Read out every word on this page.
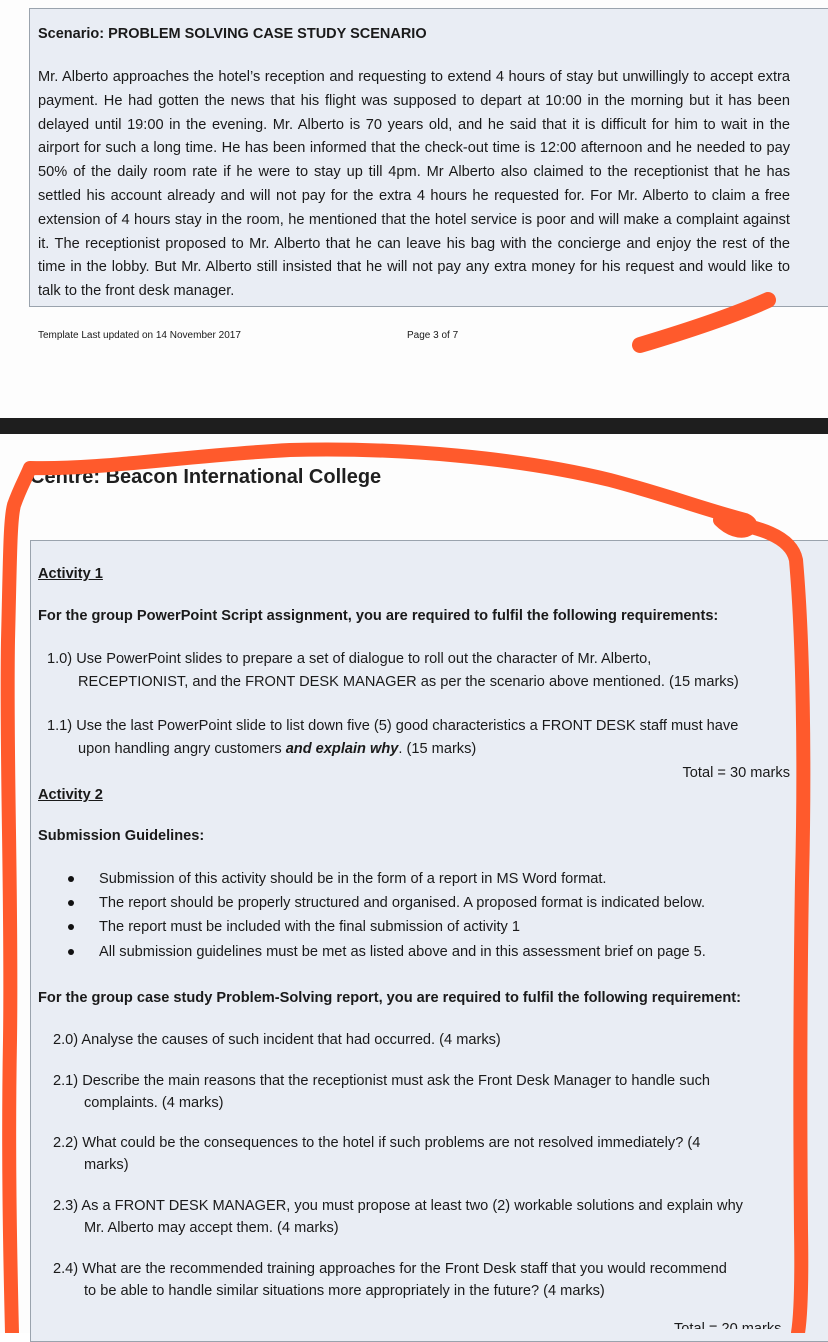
Scenario: PROBLEM SOLVING CASE STUDY SCENARIO
Mr. Alberto approaches the hotel’s reception and requesting to extend 4 hours of stay but unwillingly to accept extra payment. He had gotten the news that his flight was supposed to depart at 10:00 in the morning but it has been delayed until 19:00 in the evening. Mr. Alberto is 70 years old, and he said that it is difficult for him to wait in the airport for such a long time. He has been informed that the check-out time is 12:00 afternoon and he needed to pay 50% of the daily room rate if he were to stay up till 4pm. Mr Alberto also claimed to the receptionist that he has settled his account already and will not pay for the extra 4 hours he requested for. For Mr. Alberto to claim a free extension of 4 hours stay in the room, he mentioned that the hotel service is poor and will make a complaint against it. The receptionist proposed to Mr. Alberto that he can leave his bag with the concierge and enjoy the rest of the time in the lobby. But Mr. Alberto still insisted that he will not pay any extra money for his request and would like to talk to the front desk manager.
Template Last updated on 14 November 2017	Page 3 of 7
Centre: Beacon International College
Activity 1
For the group PowerPoint Script assignment, you are required to fulfil the following requirements:
1.0) Use PowerPoint slides to prepare a set of dialogue to roll out the character of Mr. Alberto,
RECEPTIONIST, and the FRONT DESK MANAGER as per the scenario above mentioned. (15 marks)
1.1) Use the last PowerPoint slide to list down five (5) good characteristics a FRONT DESK staff must have
upon handling angry customers and explain why. (15 marks)
Total = 30 marks
Activity 2
Submission Guidelines:
Submission of this activity should be in the form of a report in MS Word format.
The report should be properly structured and organised. A proposed format is indicated below.
The report must be included with the final submission of activity 1
All submission guidelines must be met as listed above and in this assessment brief on page 5.
For the group case study Problem-Solving report, you are required to fulfil the following requirement:
2.0) Analyse the causes of such incident that had occurred. (4 marks)
2.1) Describe the main reasons that the receptionist must ask the Front Desk Manager to handle such
complaints. (4 marks)
2.2) What could be the consequences to the hotel if such problems are not resolved immediately? (4
marks)
2.3) As a FRONT DESK MANAGER, you must propose at least two (2) workable solutions and explain why
Mr. Alberto may accept them. (4 marks)
2.4) What are the recommended training approaches for the Front Desk staff that you would recommend
to be able to handle similar situations more appropriately in the future? (4 marks)
